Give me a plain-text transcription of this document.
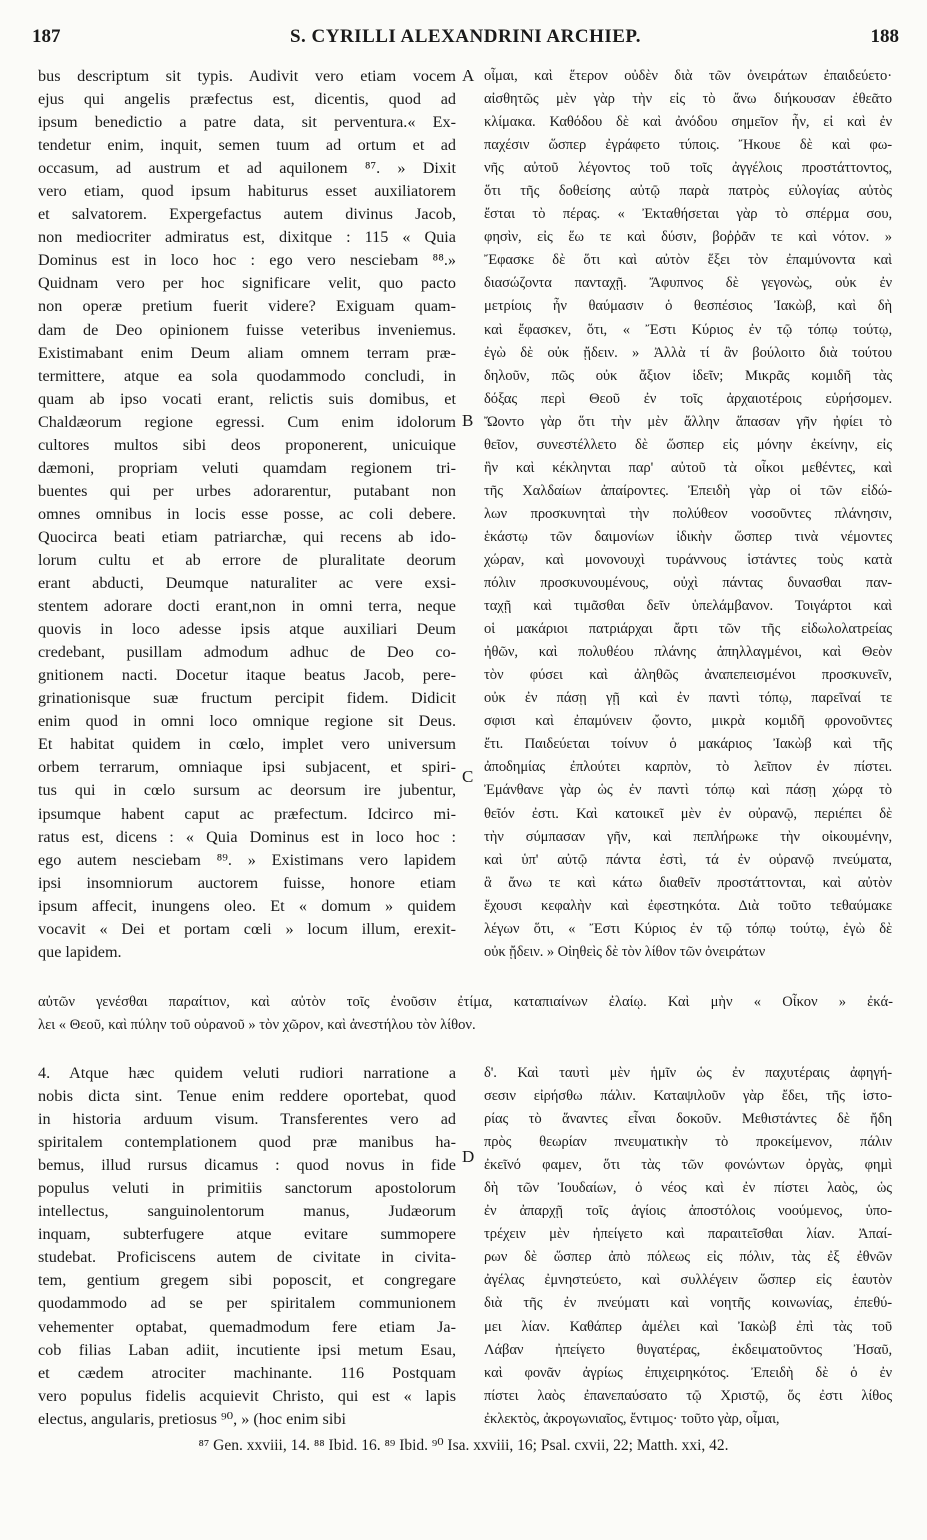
187	S. CYRILLI ALEXANDRINI ARCHIEP.	188
bus descriptum sit typis. Audivit vero etiam vocem
ejus qui angelis præfectus est, dicentis, quod ad
ipsum benedictio a patre data, sit perventura.« Ex-
tendetur enim, inquit, semen tuum ad ortum et ad
occasum, ad austrum et ad aquilonem ⁸⁷. » Dixit
vero etiam, quod ipsum habiturus esset auxiliatorem
et salvatorem. Expergefactus autem divinus Jacob,
non mediocriter admiratus est, dixitque : 115 « Quia
Dominus est in loco hoc : ego vero nesciebam ⁸⁸.»
Quidnam vero per hoc significare velit, quo pacto
non operæ pretium fuerit videre? Exiguam quam-
dam de Deo opinionem fuisse veteribus inveniemus.
Existimabant enim Deum aliam omnem terram præ-
termittere, atque ea sola quodammodo concludi, in
quam ab ipso vocati erant, relictis suis domibus, et
Chaldæorum regione egressi. Cum enim idolorum
cultores multos sibi deos proponerent, unicuique
dæmoni, propriam veluti quamdam regionem tri-
buentes qui per urbes adorarentur, putabant non
omnes omnibus in locis esse posse, ac coli debere.
Quocirca beati etiam patriarchæ, qui recens ab ido-
lorum cultu et ab errore de pluralitate deorum
erant abducti, Deumque naturaliter ac vere exsi-
stentem adorare docti erant,non in omni terra, neque
quovis in loco adesse ipsis atque auxiliari Deum
credebant, pusillam admodum adhuc de Deo co-
gnitionem nacti. Docetur itaque beatus Jacob, pere-
grinationisque suæ fructum percipit fidem. Didicit
enim quod in omni loco omnique regione sit Deus.
Et habitat quidem in cœlo, implet vero universum
orbem terrarum, omniaque ipsi subjacent, et spiri-
tus qui in cœlo sursum ac deorsum ire jubentur,
ipsumque habent caput ac præfectum. Idcirco mi-
ratus est, dicens : « Quia Dominus est in loco hoc :
ego autem nesciebam ⁸⁹. » Existimans vero lapidem
ipsi insomniorum auctorem fuisse, honore etiam
ipsum affecit, inungens oleo. Et « domum » quidem
vocavit « Dei et portam cœli » locum illum, erexit-
que lapidem.
οἶμαι, καὶ ἕτερον οὐδὲν διὰ τῶν ὀνειράτων ἐπαιδεύετο·
αἰσθητῶς μὲν γὰρ τὴν εἰς τὸ ἄνω διήκουσαν ἐθεᾶτο
κλίμακα. Καθόδου δὲ καὶ ἀνόδου σημεῖον ἦν, εἰ καὶ ἐν
παχέσιν ὥσπερ ἐγράφετο τύποις. Ἤκουε δὲ καὶ φω-
νῆς αὐτοῦ λέγοντος τοῦ τοῖς ἀγγέλοις προστάττοντος,
ὅτι τῆς δοθείσης αὐτῷ παρὰ πατρὸς εὐλογίας αὐτὸς
ἔσται τὸ πέρας. « Ἐκταθήσεται γὰρ τὸ σπέρμα σου,
φησὶν, εἰς ἕω τε καὶ δύσιν, βοῤῥᾶν τε καὶ νότον. »
Ἔφασκε δὲ ὅτι καὶ αὐτὸν ἕξει τὸν ἐπαμύνοντα καὶ
διασώζοντα πανταχῇ. Ἄφυπνος δὲ γεγονὼς, οὐκ ἐν
μετρίοις ἦν θαύμασιν ὁ θεσπέσιος Ἰακὼβ, καὶ δὴ
καὶ ἔφασκεν, ὅτι, « Ἔστι Κύριος ἐν τῷ τόπῳ τούτῳ,
ἐγὼ δὲ οὐκ ᾔδειν. » Ἀλλὰ τί ἂν βούλοιτο διὰ τούτου
δηλοῦν, πῶς οὐκ ἄξιον ἰδεῖν; Μικρᾶς κομιδῆ τὰς
δόξας περὶ Θεοῦ ἐν τοῖς ἀρχαιοτέροις εὑρήσομεν.
Ὤοντο γὰρ ὅτι τὴν μὲν ἄλλην ἅπασαν γῆν ἠφίει τὸ
θεῖον, συνεστέλλετο δὲ ὥσπερ εἰς μόνην ἐκείνην, εἰς
ἣν καὶ κέκληνται παρ' αὐτοῦ τὰ οἶκοι μεθέντες, καὶ
τῆς Χαλδαίων ἀπαίροντες. Ἐπειδὴ γὰρ οἱ τῶν εἰδώ-
λων προσκυνηταὶ τὴν πολύθεον νοσοῦντες πλάνησιν,
ἑκάστῳ τῶν δαιμονίων ἰδικὴν ὥσπερ τινὰ νέμοντες
χώραν, καὶ μονονουχὶ τυράννους ἱστάντες τοὺς κατὰ
πόλιν προσκυνουμένους, οὐχὶ πάντας δυνασθαι παν-
ταχῇ καὶ τιμᾶσθαι δεῖν ὑπελάμβανον. Τοιγάρτοι καὶ
οἱ μακάριοι πατριάρχαι ἄρτι τῶν τῆς εἰδωλολατρείας
ἠθῶν, καὶ πολυθέου πλάνης ἀπηλλαγμένοι, καὶ Θεὸν
τὸν φύσει καὶ ἀληθῶς ἀναπεπεισμένοι προσκυνεῖν,
οὐκ ἐν πάσῃ γῇ καὶ ἐν παντὶ τόπῳ, παρεῖναί τε
σφισι καὶ ἐπαμύνειν ᾤοντο, μικρὰ κομιδῆ φρονοῦντες
ἔτι. Παιδεύεται τοίνυν ὁ μακάριος Ἰακὼβ καὶ τῆς
ἀποδημίας ἐπλούτει καρπὸν, τὸ λεῖπον ἐν πίστει.
Ἐμάνθανε γὰρ ὡς ἐν παντὶ τόπῳ καὶ πάσῃ χώρᾳ τὸ
θεῖόν ἐστι. Καὶ κατοικεῖ μὲν ἐν οὐρανῷ, περιέπει δὲ
τὴν σύμπασαν γῆν, καὶ πεπλήρωκε τὴν οἰκουμένην,
καὶ ὑπ' αὐτῷ πάντα ἐστὶ, τά ἐν οὐρανῷ πνεύματα,
ἃ ἄνω τε καὶ κάτω διαθεῖν προστάττονται, καὶ αὐτὸν
ἔχουσι κεφαλὴν καὶ ἐφεστηκότα. Διὰ τοῦτο τεθαύμακε
λέγων ὅτι, « Ἔστι Κύριος ἐν τῷ τόπῳ τούτῳ, ἐγὼ δὲ
οὐκ ᾔδειν. » Οἰηθεὶς δὲ τὸν λίθον τῶν ὀνειράτων
A
B
C
D
αὐτῶν γενέσθαι παραίτιον, καὶ αὐτὸν τοῖς ἐνοῦσιν ἐτίμα, καταπιαίνων ἐλαίῳ. Καὶ μὴν « Οἶκον » ἐκά-
λει « Θεοῦ, καὶ πύλην τοῦ οὐρανοῦ » τὸν χῶρον, καὶ ἀνεστήλου τὸν λίθον.
4. Atque hæc quidem veluti rudiori narratione a
nobis dicta sint. Tenue enim reddere oportebat, quod
in historia arduum visum. Transferentes vero ad
spiritalem contemplationem quod præ manibus ha-
bemus, illud rursus dicamus : quod novus in fide
populus veluti in primitiis sanctorum apostolorum
intellectus, sanguinolentorum manus, Judæorum
inquam, subterfugere atque evitare summopere
studebat. Proficiscens autem de civitate in civita-
tem, gentium gregem sibi poposcit, et congregare
quodammodo ad se per spiritalem communionem
vehementer optabat, quemadmodum fere etiam Ja-
cob filias Laban adiit, incutiente ipsi metum Esau,
et cædem atrociter machinante. 116 Postquam
vero populus fidelis acquievit Christo, qui est « lapis
electus, angularis, pretiosus ⁹⁰, » (hoc enim sibi
δ'. Καὶ ταυτὶ μὲν ἡμῖν ὡς ἐν παχυτέραις ἀφηγή-
σεσιν εἰρήσθω πάλιν. Καταψιλοῦν γὰρ ἔδει, τῆς ἱστο-
ρίας τὸ ἅναντες εἶναι δοκοῦν. Μεθιστάντες δὲ ἤδη
πρὸς θεωρίαν πνευματικὴν τὸ προκείμενον, πάλιν
ἐκεῖνό φαμεν, ὅτι τὰς τῶν φονώντων ὀργὰς, φημὶ
δὴ τῶν Ἰουδαίων, ὁ νέος καὶ ἐν πίστει λαὸς, ὡς
ἐν ἀπαρχῇ τοῖς ἁγίοις ἀποστόλοις νοούμενος, ὑπο-
τρέχειν μὲν ἠπείγετο καὶ παραιτεῖσθαι λίαν. Ἀπαί-
ρων δὲ ὥσπερ ἀπὸ πόλεως εἰς πόλιν, τὰς ἐξ ἐθνῶν
ἀγέλας ἐμνηστεύετο, καὶ συλλέγειν ὥσπερ εἰς ἑαυτὸν
διὰ τῆς ἐν πνεύματι καὶ νοητῆς κοινωνίας, ἐπεθύ-
μει λίαν. Καθάπερ ἀμέλει καὶ Ἰακὼβ ἐπὶ τὰς τοῦ
Λάβαν ἠπείγετο θυγατέρας, ἐκδειματοῦντος Ἠσαῦ,
καὶ φονᾶν ἀγρίως ἐπιχειρηκότος. Ἐπειδὴ δὲ ὁ ἐν
πίστει λαὸς ἐπανεπαύσατο τῷ Χριστῷ, ὅς ἐστι λίθος
ἐκλεκτὸς, ἀκρογωνιαῖος, ἔντιμος· τοῦτο γὰρ, οἶμαι,
⁸⁷ Gen. xxviii, 14. ⁸⁸ Ibid. 16. ⁸⁹ Ibid. ⁹⁰ Isa. xxviii, 16; Psal. cxvii, 22; Matth. xxi, 42.
